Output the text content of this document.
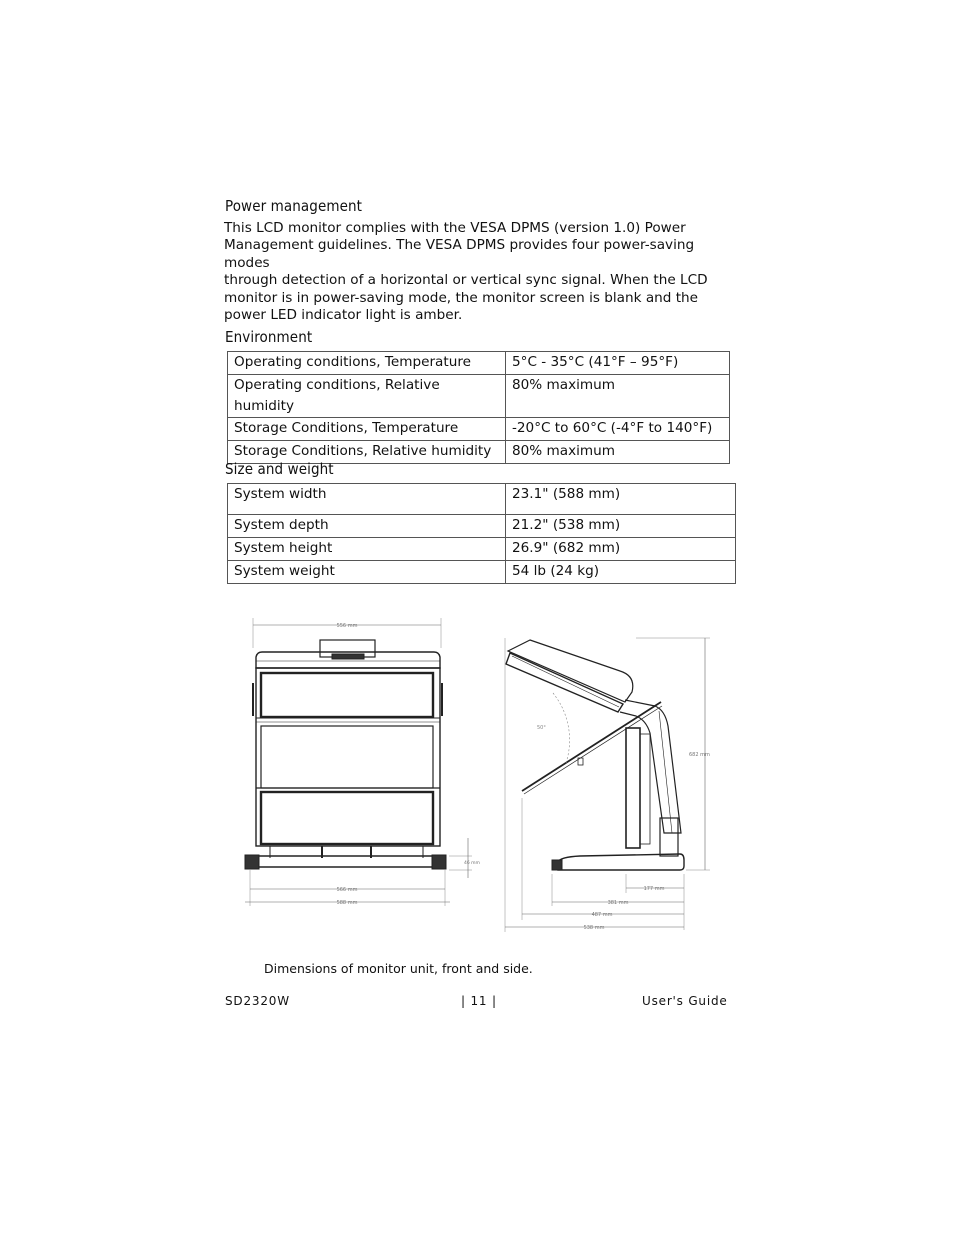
Power management
This LCD monitor complies with the VESA DPMS (version 1.0) Power
Management guidelines. The VESA DPMS provides four power-saving modes
through detection of a horizontal or vertical sync signal. When the LCD
monitor is in power-saving mode, the monitor screen is blank and the
power LED indicator light is amber.
Environment
Operating conditions, Temperature	5°C - 35°C (41°F – 95°F)
Operating conditions, Relative humidity	80% maximum
Storage Conditions, Temperature	-20°C to 60°C (-4°F to 140°F)
Storage Conditions, Relative humidity	80% maximum
Size and weight
System width	23.1" (588 mm)
System depth	21.2" (538 mm)
System height	26.9" (682 mm)
System weight	54 lb (24 kg)
556 mm
566 mm
588 mm
46 mm
50°
682 mm
177 mm
381 mm
487 mm
538 mm
Dimensions of monitor unit, front and side.
SD2320W	| 11 |	User's Guide
